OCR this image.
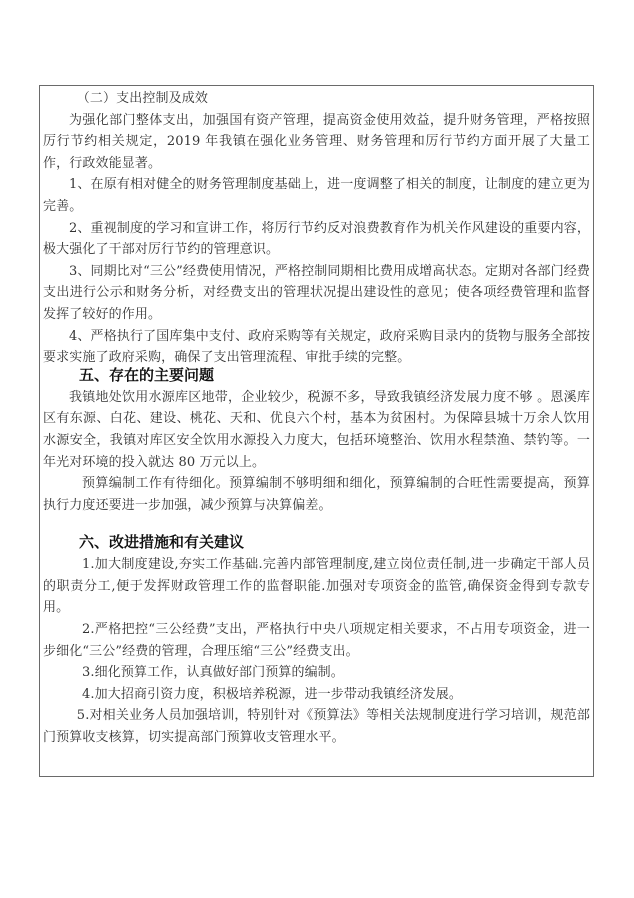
（二）支出控制及成效

为强化部门整体支出，加强国有资产管理，提高资金使用效益，提升财务管理，严格按照厉行节约相关规定，2019 年我镇在强化业务管理、财务管理和厉行节约方面开展了大量工作，行政效能显著。

1、在原有相对健全的财务管理制度基础上，进一度调整了相关的制度，让制度的建立更为完善。

2、重视制度的学习和宣讲工作，将厉行节约反对浪费教育作为机关作风建设的重要内容，极大强化了干部对厉行节约的管理意识。

3、同期比对“三公”经费使用情况，严格控制同期相比费用成增高状态。定期对各部门经费支出进行公示和财务分析，对经费支出的管理状况提出建设性的意见；使各项经费管理和监督发挥了较好的作用。

4、严格执行了国库集中支付、政府采购等有关规定，政府采购目录内的货物与服务全部按要求实施了政府采购，确保了支出管理流程、审批手续的完整。

五、存在的主要问题

我镇地处饮用水源库区地带，企业较少，税源不多，导致我镇经济发展力度不够 。恩溪库区有东源、白花、建设、桃花、天和、优良六个村，基本为贫困村。为保障县城十万余人饮用水源安全，我镇对库区安全饮用水源投入力度大，包括环境整治、饮用水程禁渔、禁钓等。一年光对环境的投入就达 80 万元以上。

预算编制工作有待细化。预算编制不够明细和细化，预算编制的合旺性需要提高，预算执行力度还要进一步加强，减少预算与决算偏差。

六、改进措施和有关建议

1.加大制度建设,夯实工作基础.完善内部管理制度,建立岗位责任制,进一步确定干部人员的职责分工,便于发挥财政管理工作的监督职能.加强对专项资金的监管,确保资金得到专款专用。

2.严格把控“三公经费”支出，严格执行中央八项规定相关要求，不占用专项资金，进一步细化“三公”经费的管理，合理压缩“三公”经费支出。

3.细化预算工作，认真做好部门预算的编制。

4.加大招商引资力度，积极培养税源，进一步带动我镇经济发展。

5.对相关业务人员加强培训，特别针对《预算法》等相关法规制度进行学习培训，规范部门预算收支核算，切实提高部门预算收支管理水平。
